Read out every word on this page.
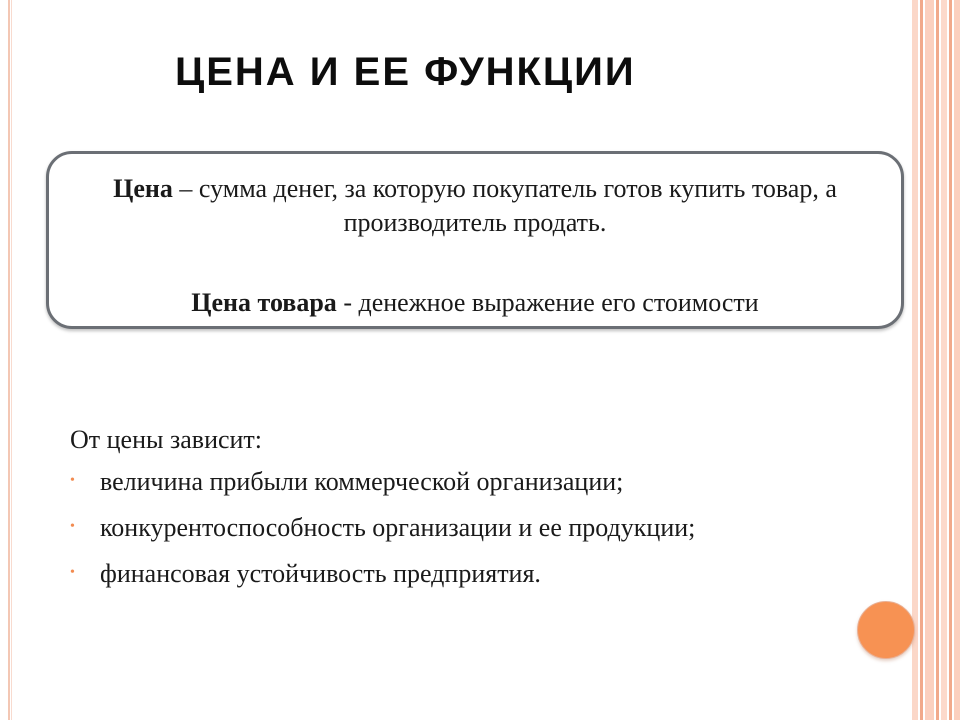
ЦЕНА И ЕЕ ФУНКЦИИ
Цена – сумма денег, за которую покупатель готов купить товар, а производитель продать.
Цена товара - денежное выражение его стоимости

От цены зависит:

• величина прибыли коммерческой организации;
• конкурентоспособность организации и ее продукции;
• финансовая устойчивость предприятия.
